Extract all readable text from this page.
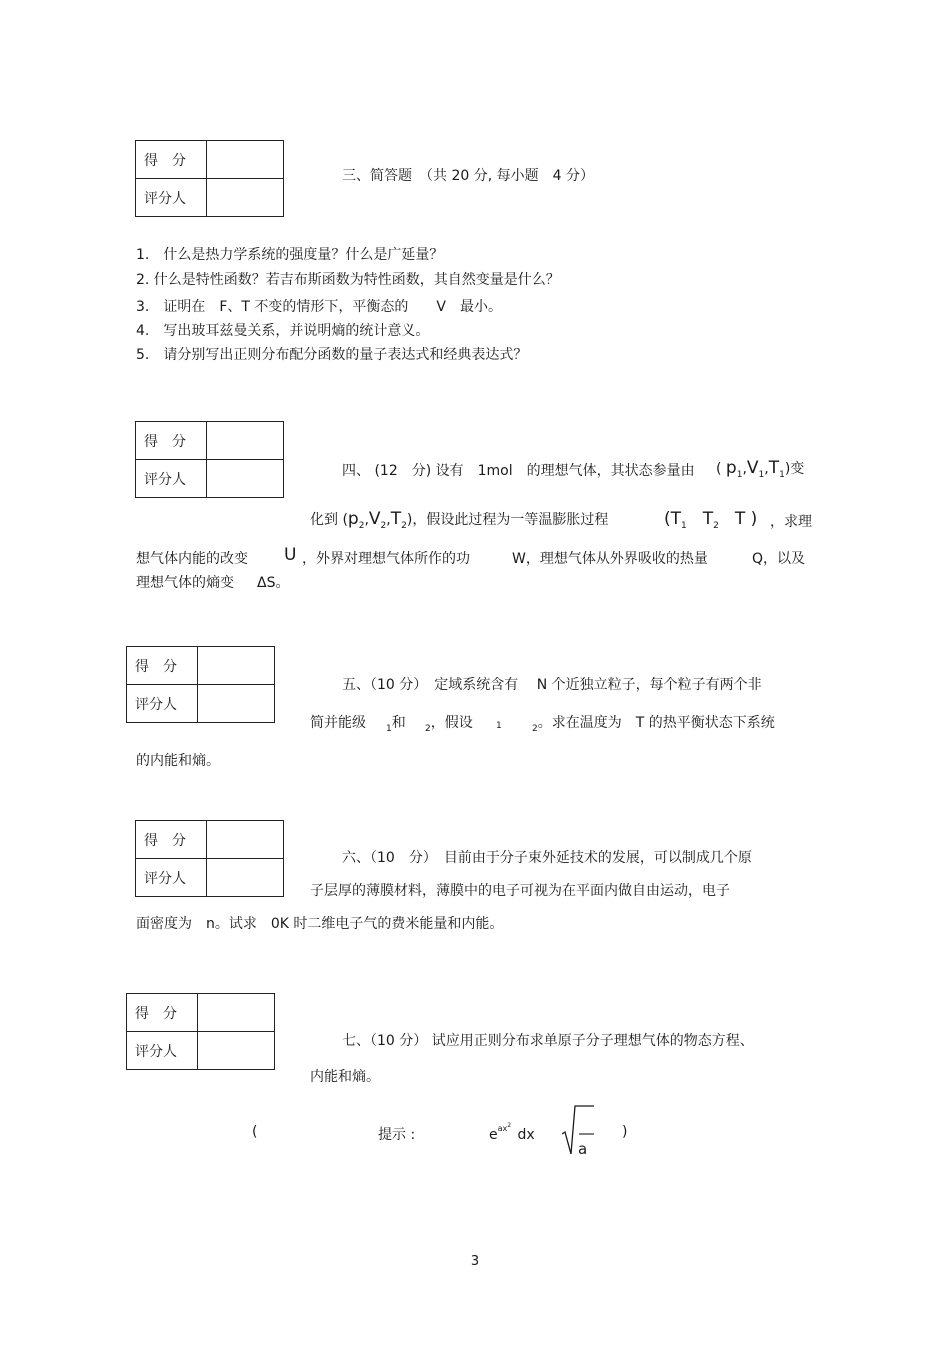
得　分	
评分人	
三、简答题　（共 20 分, 每小题　4 分）
1.　什么是热力学系统的强度量？什么是广延量？
2. 什么是特性函数？若吉布斯函数为特性函数，其自然变量是什么？
3.　证明在　F、T 不变的情形下，平衡态的　　V　最小。
4.　写出玻耳兹曼关系，并说明熵的统计意义。
5.　请分别写出正则分布配分函数的量子表达式和经典表达式？
得　分	
评分人	
四、 (12　分) 设有　1mol　的理想气体，其状态参量由 ( $p_1,V_1,T_1$)变
化到 $(p_2,V_2,T_2)$，假设此过程为一等温膨胀过程	($T_1$ $T_2$ T ) ，求理
想气体内能的改变 U ，外界对理想气体所作的功	W，理想气体从外界吸收的热量	Q，以及
理想气体的熵变 ΔS。
得　分	
评分人	
五、（10 分）　定域系统含有　 N 个近独立粒子，每个粒子有两个非
简并能级 $_1$和 $_2$，假设	$_1$	$_2$。求在温度为　T 的热平衡状态下系统
的内能和熵。
得　分	
评分人	
六、（10　分）　目前由于分子束外延技术的发展，可以制成几个原
子层厚的薄膜材料，薄膜中的电子可视为在平面内做自由运动，电子
面密度为　n。试求　0K 时二维电子气的费米能量和内能。
得　分	
评分人	
七、（10 分） 试应用正则分布求单原子分子理想气体的物态方程、
内能和熵。
(	提示 :	$e^{ax2}$ dx
a
)
3
